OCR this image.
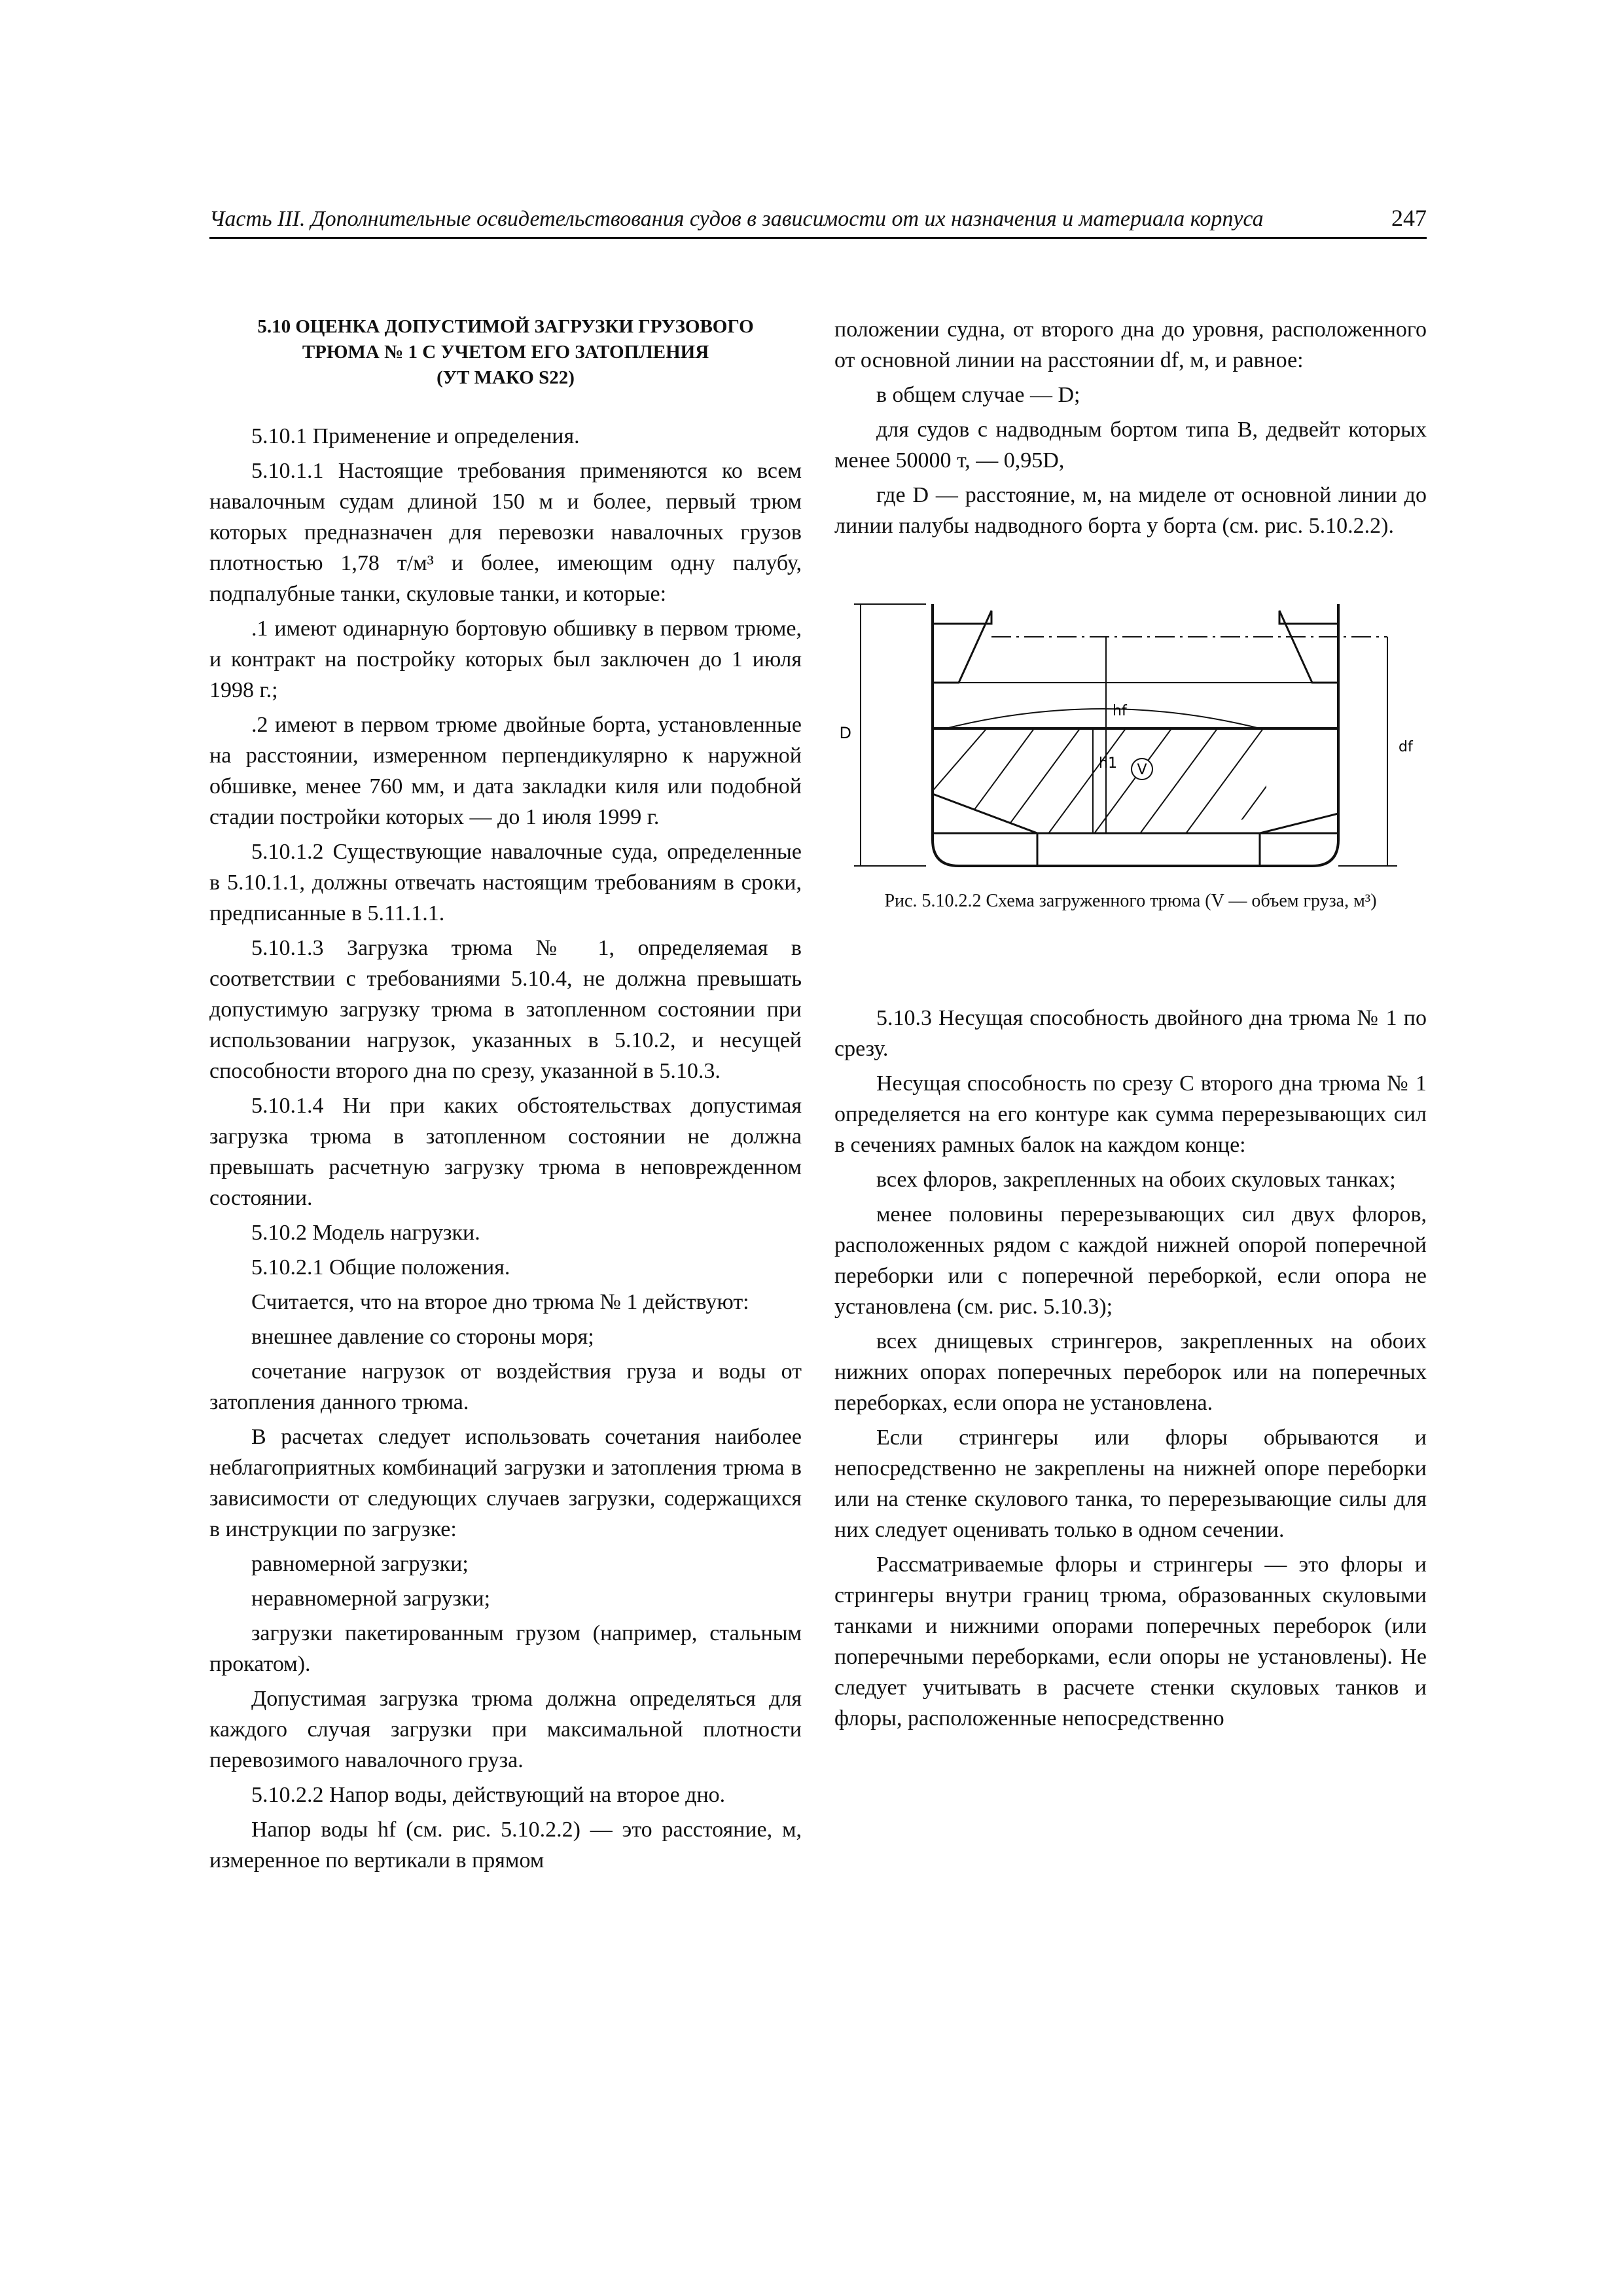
Часть III. Дополнительные освидетельствования судов в зависимости от их назначения и материала корпуса	247
5.10 ОЦЕНКА ДОПУСТИМОЙ ЗАГРУЗКИ ГРУЗОВОГО
ТРЮМА № 1 С УЧЕТОМ ЕГО ЗАТОПЛЕНИЯ
(УТ МАКО S22)

5.10.1 Применение и определения.

5.10.1.1 Настоящие требования применяются ко всем навалочным судам длиной 150 м и более, первый трюм которых предназначен для перевозки навалочных грузов плотностью 1,78 т/м³ и более, имеющим одну палубу, подпалубные танки, скуловые танки, и которые:

.1 имеют одинарную бортовую обшивку в первом трюме, и контракт на постройку которых был заключен до 1 июля 1998 г.;

.2 имеют в первом трюме двойные борта, установленные на расстоянии, измеренном перпендикулярно к наружной обшивке, менее 760 мм, и дата закладки киля или подобной стадии постройки которых — до 1 июля 1999 г.

5.10.1.2 Существующие навалочные суда, определенные в 5.10.1.1, должны отвечать настоящим требованиям в сроки, предписанные в 5.11.1.1.

5.10.1.3 Загрузка трюма № 1, определяемая в соответствии с требованиями 5.10.4, не должна превышать допустимую загрузку трюма в затопленном состоянии при использовании нагрузок, указанных в 5.10.2, и несущей способности второго дна по срезу, указанной в 5.10.3.

5.10.1.4 Ни при каких обстоятельствах допустимая загрузка трюма в затопленном состоянии не должна превышать расчетную загрузку трюма в неповрежденном состоянии.

5.10.2 Модель нагрузки.

5.10.2.1 Общие положения.

Считается, что на второе дно трюма № 1 действуют:

внешнее давление со стороны моря;

сочетание нагрузок от воздействия груза и воды от затопления данного трюма.

В расчетах следует использовать сочетания наиболее неблагоприятных комбинаций загрузки и затопления трюма в зависимости от следующих случаев загрузки, содержащихся в инструкции по загрузке:

равномерной загрузки;

неравномерной загрузки;

загрузки пакетированным грузом (например, стальным прокатом).

Допустимая загрузка трюма должна определяться для каждого случая загрузки при максимальной плотности перевозимого навалочного груза.

5.10.2.2 Напор воды, действующий на второе дно.

Напор воды hf (см. рис. 5.10.2.2) — это расстояние, м, измеренное по вертикали в прямом

положении судна, от второго дна до уровня, расположенного от основной линии на расстоянии df, м, и равное:

в общем случае — D;

для судов с надводным бортом типа B, дедвейт которых менее 50000 т, — 0,95D,

где D — расстояние, м, на миделе от основной линии до линии палубы надводного борта у борта (см. рис. 5.10.2.2).

D
df
hf
h1 V

Рис. 5.10.2.2 Схема загруженного трюма (V — объем груза, м³)

5.10.3 Несущая способность двойного дна трюма № 1 по срезу.

Несущая способность по срезу C второго дна трюма № 1 определяется на его контуре как сумма перерезывающих сил в сечениях рамных балок на каждом конце:

всех флоров, закрепленных на обоих скуловых танках;

менее половины перерезывающих сил двух флоров, расположенных рядом с каждой нижней опорой поперечной переборки или с поперечной переборкой, если опора не установлена (см. рис. 5.10.3);

всех днищевых стрингеров, закрепленных на обоих нижних опорах поперечных переборок или на поперечных переборках, если опора не установлена.

Если стрингеры или флоры обрываются и непосредственно не закреплены на нижней опоре переборки или на стенке скулового танка, то перерезывающие силы для них следует оценивать только в одном сечении.

Рассматриваемые флоры и стрингеры — это флоры и стрингеры внутри границ трюма, образованных скуловыми танками и нижними опорами поперечных переборок (или поперечными переборками, если опоры не установлены). Не следует учитывать в расчете стенки скуловых танков и флоры, расположенные непосредственно
